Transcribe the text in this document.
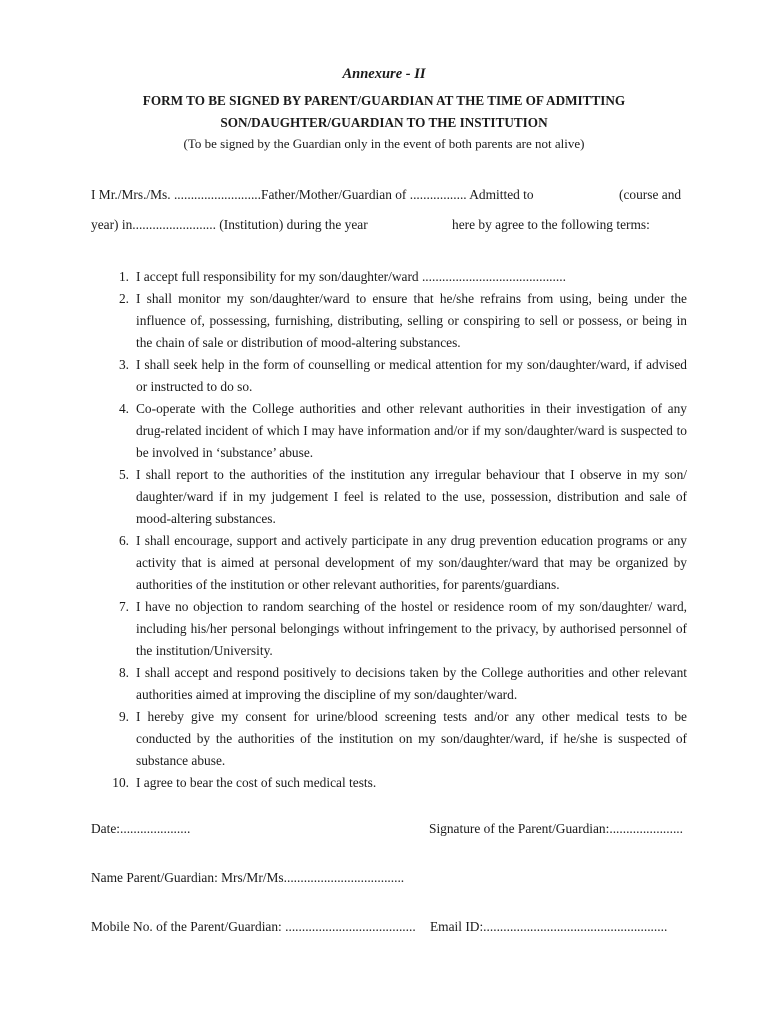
Annexure - II
FORM TO BE SIGNED BY PARENT/GUARDIAN AT THE TIME OF ADMITTING
SON/DAUGHTER/GUARDIAN TO THE INSTITUTION
(To be signed by the Guardian only in the event of both parents are not alive)
I Mr./Mrs./Ms. ..........................Father/Mother/Guardian of ................. Admitted to	(course and
year) in......................... (Institution) during the year	here by agree to the following terms:
1. I accept full responsibility for my son/daughter/ward ...........................................
2. I shall monitor my son/daughter/ward to ensure that he/she refrains from using, being under the influence of, possessing, furnishing, distributing, selling or conspiring to sell or possess, or being in the chain of sale or distribution of mood-altering substances.
3. I shall seek help in the form of counselling or medical attention for my son/daughter/ward, if advised or instructed to do so.
4. Co-operate with the College authorities and other relevant authorities in their investigation of any drug-related incident of which I may have information and/or if my son/daughter/ward is suspected to be involved in ‘substance’ abuse.
5. I shall report to the authorities of the institution any irregular behaviour that I observe in my son/ daughter/ward if in my judgement I feel is related to the use, possession, distribution and sale of mood-altering substances.
6. I shall encourage, support and actively participate in any drug prevention education programs or any activity that is aimed at personal development of my son/daughter/ward that may be organized by authorities of the institution or other relevant authorities, for parents/guardians.
7. I have no objection to random searching of the hostel or residence room of my son/daughter/ ward, including his/her personal belongings without infringement to the privacy, by authorised personnel of the institution/University.
8. I shall accept and respond positively to decisions taken by the College authorities and other relevant authorities aimed at improving the discipline of my son/daughter/ward.
9. I hereby give my consent for urine/blood screening tests and/or any other medical tests to be conducted by the authorities of the institution on my son/daughter/ward, if he/she is suspected of substance abuse.
10. I agree to bear the cost of such medical tests.
Date:.....................	Signature of the Parent/Guardian:......................
Name Parent/Guardian: Mrs/Mr/Ms....................................
Mobile No. of the Parent/Guardian: ....................................... Email ID:.......................................................
